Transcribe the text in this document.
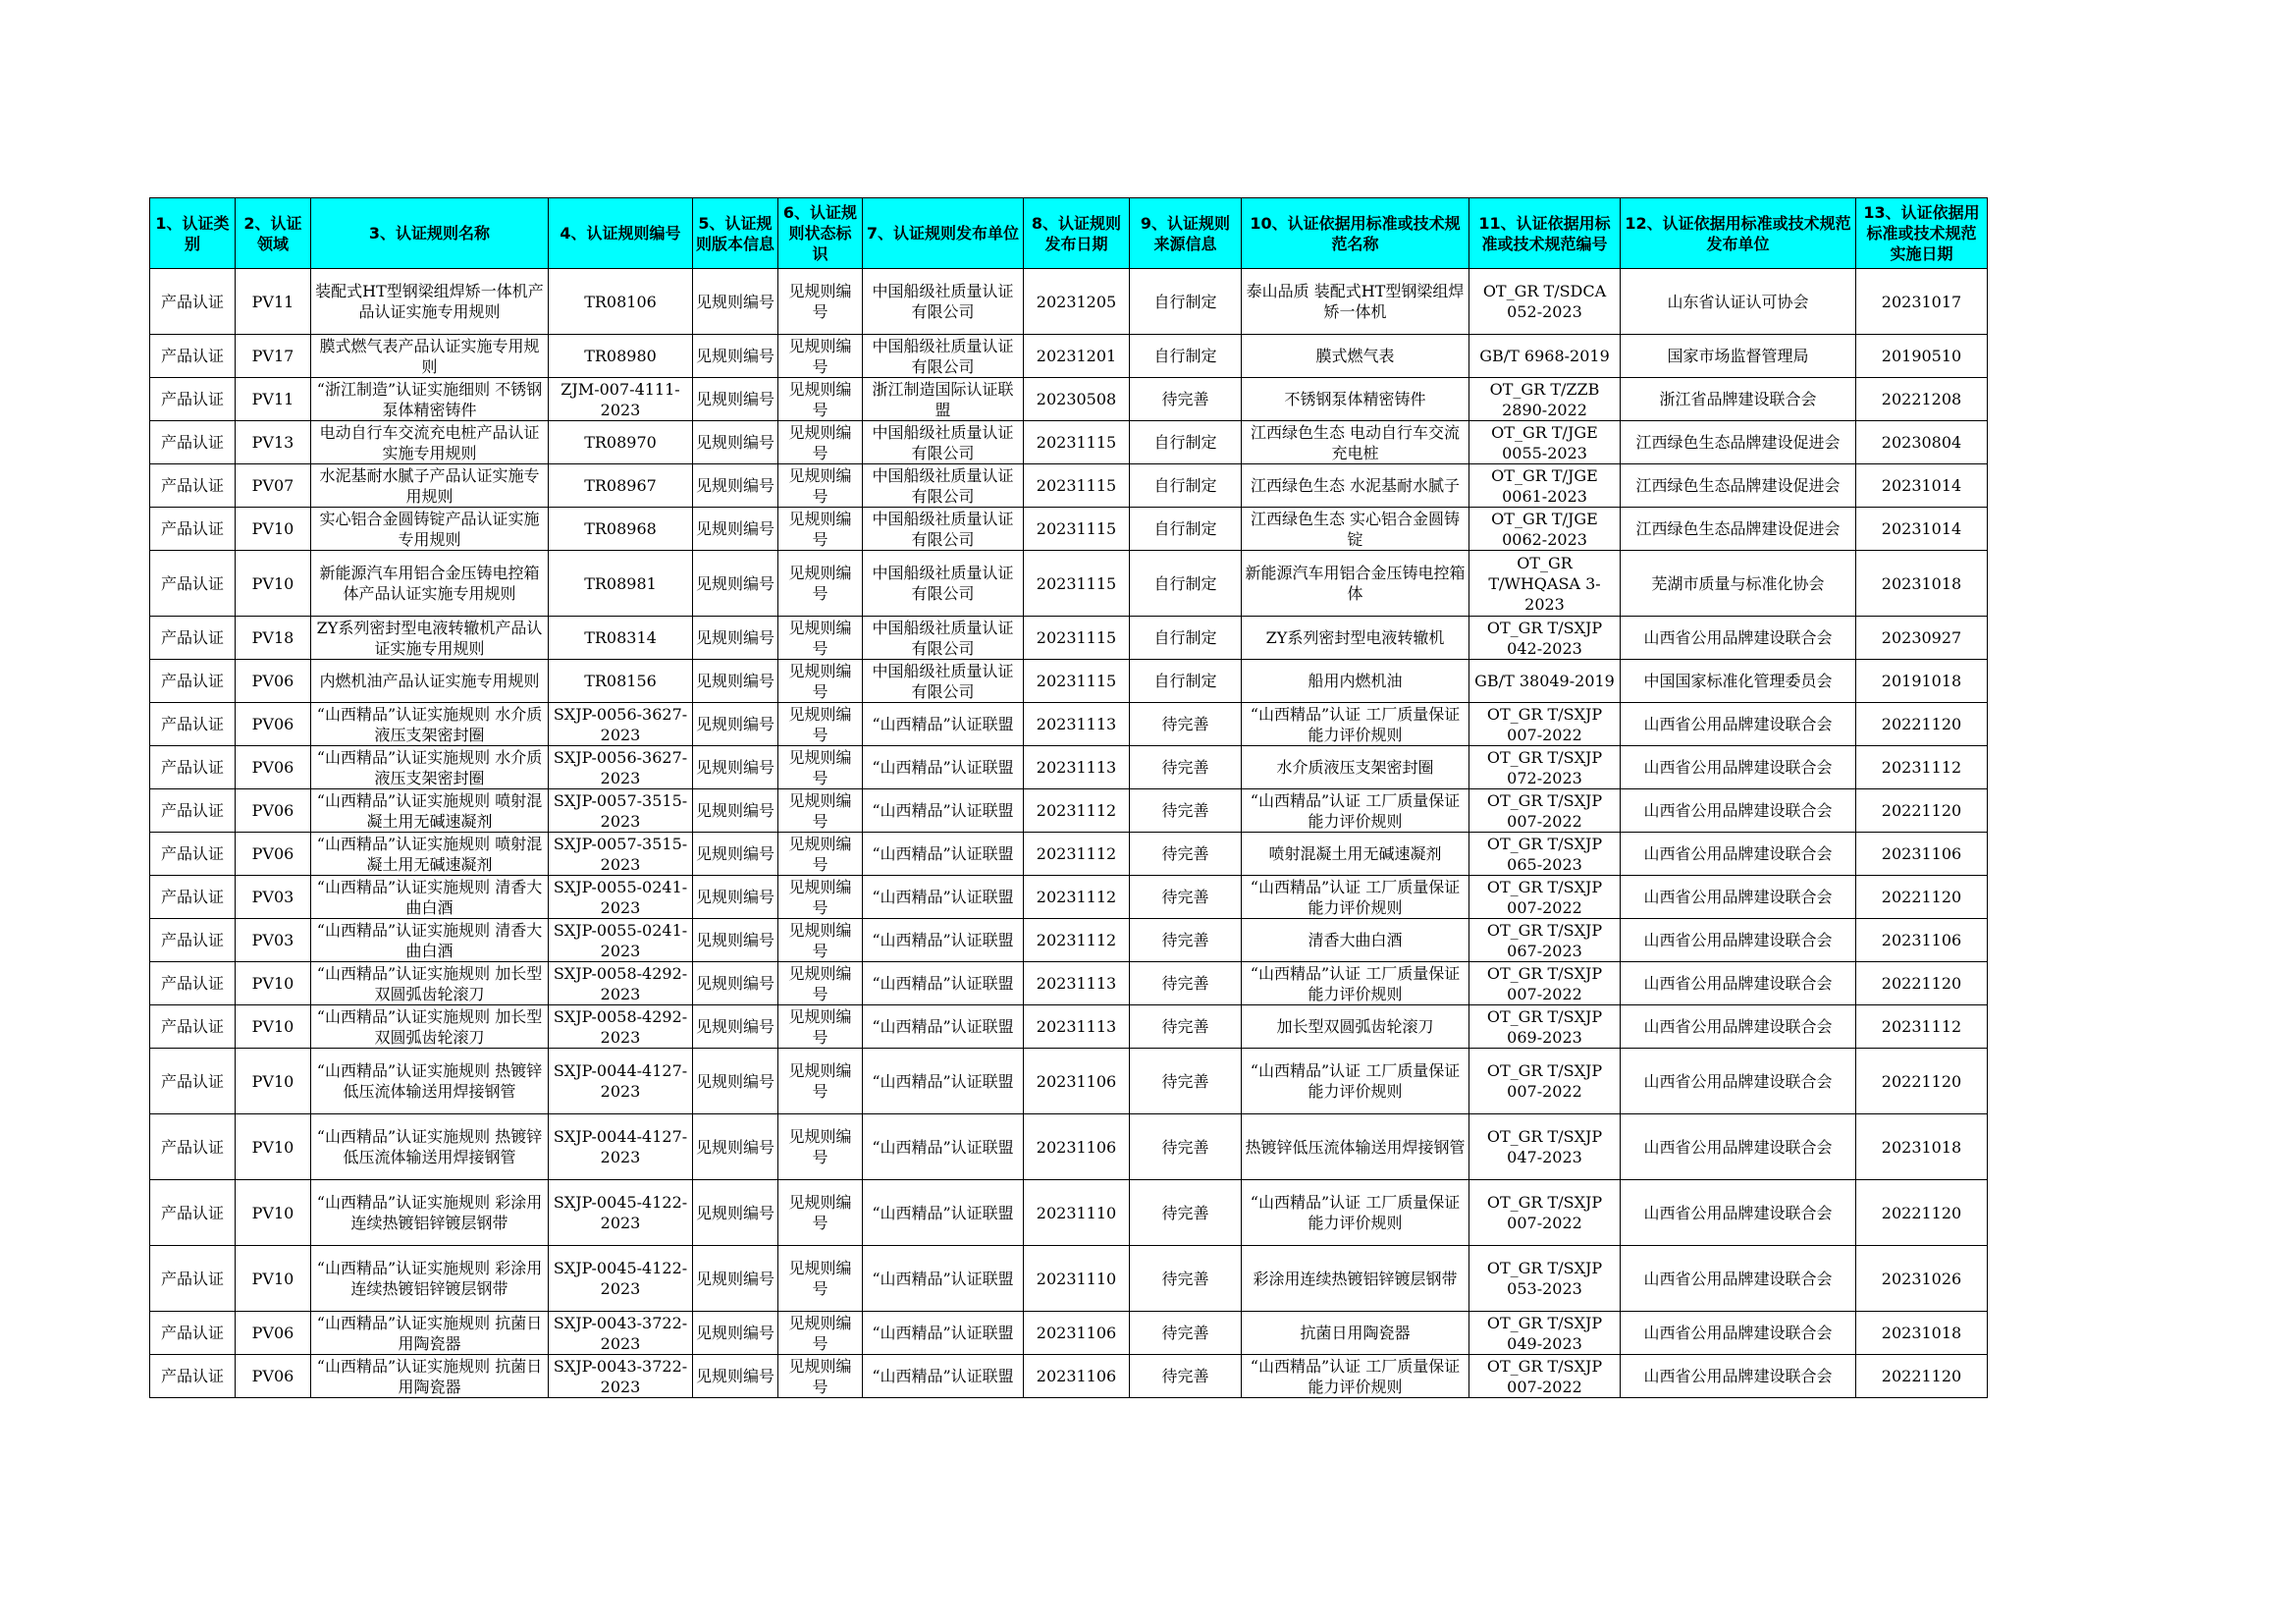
1、认证类别	2、认证领域	3、认证规则名称	4、认证规则编号	5、认证规则版本信息	6、认证规则状态标识	7、认证规则发布单位	8、认证规则发布日期	9、认证规则来源信息	10、认证依据用标准或技术规范名称	11、认证依据用标准或技术规范编号	12、认证依据用标准或技术规范发布单位	13、认证依据用标准或技术规范实施日期

产品认证	PV11	装配式HT型钢梁组焊矫一体机产品认证实施专用规则	TR08106	见规则编号	见规则编号	中国船级社质量认证有限公司	20231205	自行制定	泰山品质 装配式HT型钢梁组焊矫一体机	OT_GR T/SDCA 052-2023	山东省认证认可协会	20231017

产品认证	PV17	膜式燃气表产品认证实施专用规则	TR08980	见规则编号	见规则编号	中国船级社质量认证有限公司	20231201	自行制定	膜式燃气表	GB/T 6968-2019	国家市场监督管理局	20190510

产品认证	PV11	“浙江制造”认证实施细则 不锈钢泵体精密铸件	ZJM-007-4111-2023	见规则编号	见规则编号	浙江制造国际认证联盟	20230508	待完善	不锈钢泵体精密铸件	OT_GR T/ZZB 2890-2022	浙江省品牌建设联合会	20221208

产品认证	PV13	电动自行车交流充电桩产品认证实施专用规则	TR08970	见规则编号	见规则编号	中国船级社质量认证有限公司	20231115	自行制定	江西绿色生态 电动自行车交流充电桩	OT_GR T/JGE 0055-2023	江西绿色生态品牌建设促进会	20230804

产品认证	PV07	水泥基耐水腻子产品认证实施专用规则	TR08967	见规则编号	见规则编号	中国船级社质量认证有限公司	20231115	自行制定	江西绿色生态 水泥基耐水腻子	OT_GR T/JGE 0061-2023	江西绿色生态品牌建设促进会	20231014

产品认证	PV10	实心铝合金圆铸锭产品认证实施专用规则	TR08968	见规则编号	见规则编号	中国船级社质量认证有限公司	20231115	自行制定	江西绿色生态 实心铝合金圆铸锭	OT_GR T/JGE 0062-2023	江西绿色生态品牌建设促进会	20231014

产品认证	PV10	新能源汽车用铝合金压铸电控箱体产品认证实施专用规则	TR08981	见规则编号	见规则编号	中国船级社质量认证有限公司	20231115	自行制定	新能源汽车用铝合金压铸电控箱体	OT_GR T/WHQASA 3-2023	芜湖市质量与标准化协会	20231018

产品认证	PV18	ZY系列密封型电液转辙机产品认证实施专用规则	TR08314	见规则编号	见规则编号	中国船级社质量认证有限公司	20231115	自行制定	ZY系列密封型电液转辙机	OT_GR T/SXJP 042-2023	山西省公用品牌建设联合会	20230927

产品认证	PV06	内燃机油产品认证实施专用规则	TR08156	见规则编号	见规则编号	中国船级社质量认证有限公司	20231115	自行制定	船用内燃机油	GB/T 38049-2019	中国国家标准化管理委员会	20191018

产品认证	PV06	“山西精品”认证实施规则 水介质液压支架密封圈	SXJP-0056-3627-2023	见规则编号	见规则编号	“山西精品”认证联盟	20231113	待完善	“山西精品”认证 工厂质量保证能力评价规则	OT_GR T/SXJP 007-2022	山西省公用品牌建设联合会	20221120

产品认证	PV06	“山西精品”认证实施规则 水介质液压支架密封圈	SXJP-0056-3627-2023	见规则编号	见规则编号	“山西精品”认证联盟	20231113	待完善	水介质液压支架密封圈	OT_GR T/SXJP 072-2023	山西省公用品牌建设联合会	20231112

产品认证	PV06	“山西精品”认证实施规则 喷射混凝土用无碱速凝剂	SXJP-0057-3515-2023	见规则编号	见规则编号	“山西精品”认证联盟	20231112	待完善	“山西精品”认证 工厂质量保证能力评价规则	OT_GR T/SXJP 007-2022	山西省公用品牌建设联合会	20221120

产品认证	PV06	“山西精品”认证实施规则 喷射混凝土用无碱速凝剂	SXJP-0057-3515-2023	见规则编号	见规则编号	“山西精品”认证联盟	20231112	待完善	喷射混凝土用无碱速凝剂	OT_GR T/SXJP 065-2023	山西省公用品牌建设联合会	20231106

产品认证	PV03	“山西精品”认证实施规则 清香大曲白酒	SXJP-0055-0241-2023	见规则编号	见规则编号	“山西精品”认证联盟	20231112	待完善	“山西精品”认证 工厂质量保证能力评价规则	OT_GR T/SXJP 007-2022	山西省公用品牌建设联合会	20221120

产品认证	PV03	“山西精品”认证实施规则 清香大曲白酒	SXJP-0055-0241-2023	见规则编号	见规则编号	“山西精品”认证联盟	20231112	待完善	清香大曲白酒	OT_GR T/SXJP 067-2023	山西省公用品牌建设联合会	20231106

产品认证	PV10	“山西精品”认证实施规则 加长型双圆弧齿轮滚刀	SXJP-0058-4292-2023	见规则编号	见规则编号	“山西精品”认证联盟	20231113	待完善	“山西精品”认证 工厂质量保证能力评价规则	OT_GR T/SXJP 007-2022	山西省公用品牌建设联合会	20221120

产品认证	PV10	“山西精品”认证实施规则 加长型双圆弧齿轮滚刀	SXJP-0058-4292-2023	见规则编号	见规则编号	“山西精品”认证联盟	20231113	待完善	加长型双圆弧齿轮滚刀	OT_GR T/SXJP 069-2023	山西省公用品牌建设联合会	20231112

产品认证	PV10	“山西精品”认证实施规则 热镀锌低压流体输送用焊接钢管	SXJP-0044-4127-2023	见规则编号	见规则编号	“山西精品”认证联盟	20231106	待完善	“山西精品”认证 工厂质量保证能力评价规则	OT_GR T/SXJP 007-2022	山西省公用品牌建设联合会	20221120

产品认证	PV10	“山西精品”认证实施规则 热镀锌低压流体输送用焊接钢管	SXJP-0044-4127-2023	见规则编号	见规则编号	“山西精品”认证联盟	20231106	待完善	热镀锌低压流体输送用焊接钢管	OT_GR T/SXJP 047-2023	山西省公用品牌建设联合会	20231018

产品认证	PV10	“山西精品”认证实施规则 彩涂用连续热镀铝锌镀层钢带	SXJP-0045-4122-2023	见规则编号	见规则编号	“山西精品”认证联盟	20231110	待完善	“山西精品”认证 工厂质量保证能力评价规则	OT_GR T/SXJP 007-2022	山西省公用品牌建设联合会	20221120

产品认证	PV10	“山西精品”认证实施规则 彩涂用连续热镀铝锌镀层钢带	SXJP-0045-4122-2023	见规则编号	见规则编号	“山西精品”认证联盟	20231110	待完善	彩涂用连续热镀铝锌镀层钢带	OT_GR T/SXJP 053-2023	山西省公用品牌建设联合会	20231026

产品认证	PV06	“山西精品”认证实施规则 抗菌日用陶瓷器	SXJP-0043-3722-2023	见规则编号	见规则编号	“山西精品”认证联盟	20231106	待完善	抗菌日用陶瓷器	OT_GR T/SXJP 049-2023	山西省公用品牌建设联合会	20231018

产品认证	PV06	“山西精品”认证实施规则 抗菌日用陶瓷器	SXJP-0043-3722-2023	见规则编号	见规则编号	“山西精品”认证联盟	20231106	待完善	“山西精品”认证 工厂质量保证能力评价规则	OT_GR T/SXJP 007-2022	山西省公用品牌建设联合会	20221120
